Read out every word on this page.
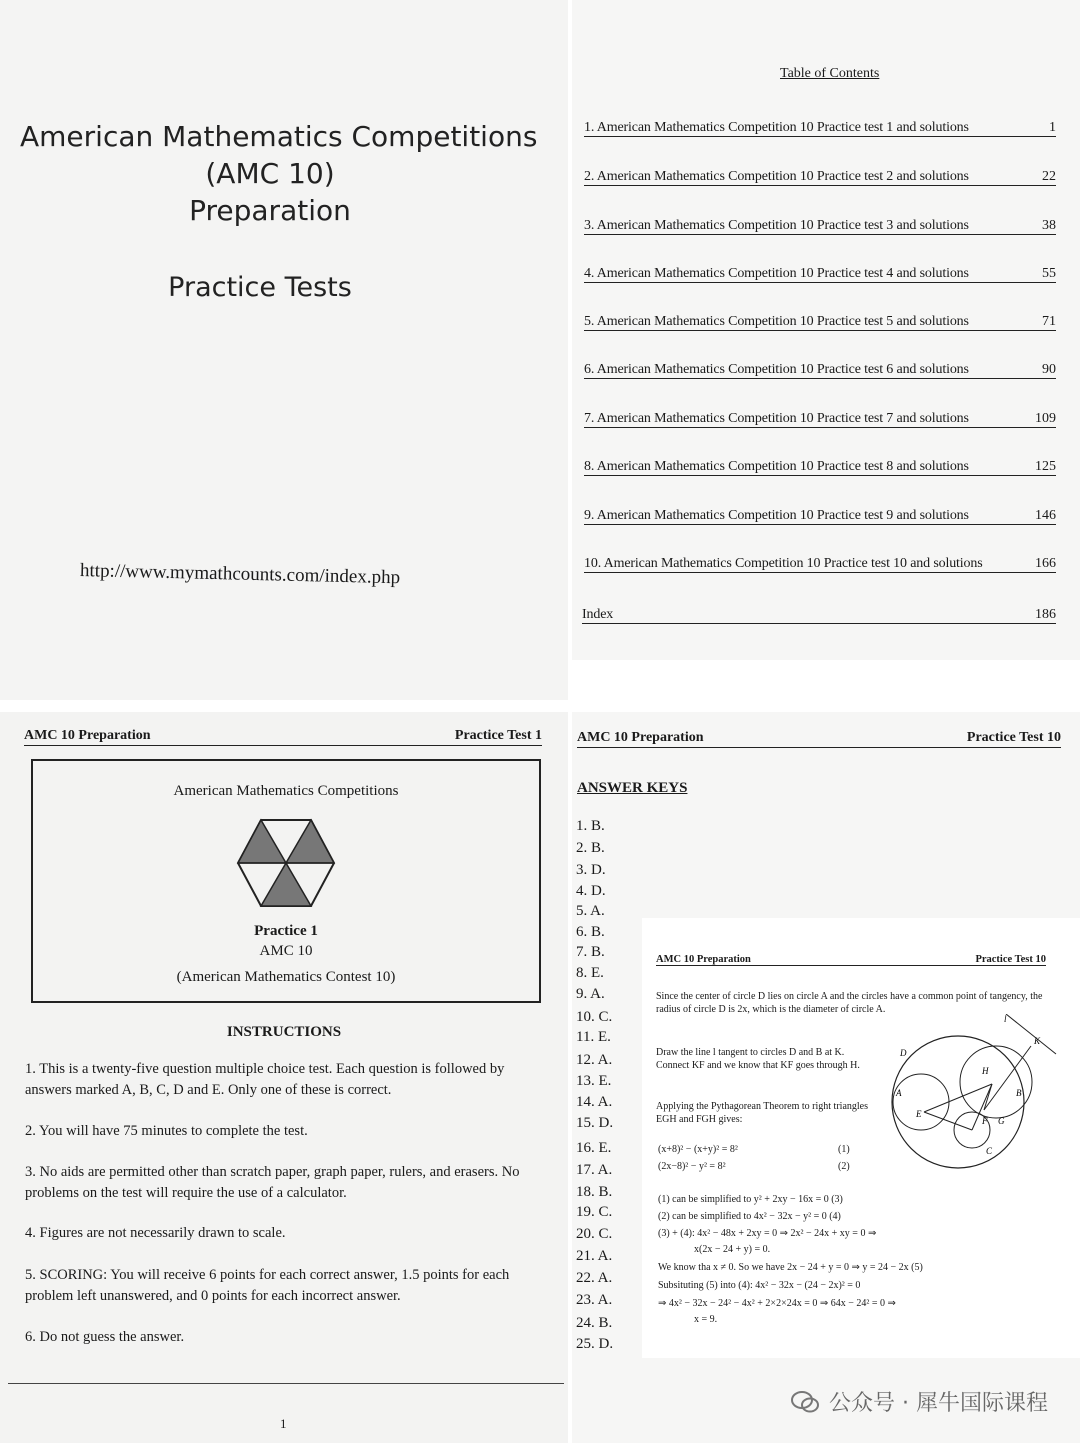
American Mathematics Competitions
(AMC 10)
Preparation
Practice Tests
http://www.mymathcounts.com/index.php
Table of Contents
1. American Mathematics Competition 10 Practice test 1 and solutions	1
2. American Mathematics Competition 10 Practice test 2 and solutions	22
3. American Mathematics Competition 10 Practice test 3 and solutions	38
4. American Mathematics Competition 10 Practice test 4 and solutions	55
5. American Mathematics Competition 10 Practice test 5 and solutions	71
6. American Mathematics Competition 10 Practice test 6 and solutions	90
7. American Mathematics Competition 10 Practice test 7 and solutions	109
8. American Mathematics Competition 10 Practice test 8 and solutions	125
9. American Mathematics Competition 10 Practice test 9 and solutions	146
10. American Mathematics Competition 10 Practice test 10 and solutions	166
Index	186
AMC 10 Preparation	Practice Test 1
American Mathematics Competitions
Practice 1
AMC 10
(American Mathematics Contest 10)
INSTRUCTIONS
1. This is a twenty-five question multiple choice test. Each question is followed by answers marked A, B, C, D and E. Only one of these is correct.
2. You will have 75 minutes to complete the test.
3. No aids are permitted other than scratch paper, graph paper, rulers, and erasers. No problems on the test will require the use of a calculator.
4. Figures are not necessarily drawn to scale.
5. SCORING: You will receive 6 points for each correct answer, 1.5 points for each problem left unanswered, and 0 points for each incorrect answer.
6. Do not guess the answer.
1
AMC 10 Preparation	Practice Test 10
ANSWER KEYS
1. B.
2. B.
3. D.
4. D.
5. A.
6. B.
7. B.
8. E.
9. A.
10. C.
11. E.
12. A.
13. E.
14. A.
15. D.
16. E.
17. A.
18. B.
19. C.
20. C.
21. A.
22. A.
23. A.
24. B.
25. D.
AMC 10 Preparation	Practice Test 10
Since the center of circle D lies on circle A and the circles have a common point of tangency, the radius of circle D is 2x, which is the diameter of circle A.
Draw the line l tangent to circles D and B at K. Connect KF and we know that KF goes through H.
Applying the Pythagorean Theorem to right triangles EGH and FGH gives:
(x+8)² − (x+y)² = 8²	(1)
(2x−8)² − y² = 8²	(2)
(1) can be simplified to y² + 2xy − 16x = 0 (3)
(2) can be simplified to 4x² − 32x − y² = 0 (4)
(3) + (4): 4x² − 48x + 2xy = 0 ⇒ 2x² − 24x + xy = 0 ⇒
x(2x − 24 + y) = 0.
We know tha x ≠ 0. So we have 2x − 24 + y = 0 ⇒ y = 24 − 2x (5)
Subsituting (5) into (4): 4x² − 32x − (24 − 2x)² = 0
⇒ 4x² − 32x − 24² − 4x² + 2×2×24x = 0 ⇒ 64x − 24² = 0 ⇒
x = 9.
D
l
K
A
H
B
E
F G
C
公众号 · 犀牛国际课程
